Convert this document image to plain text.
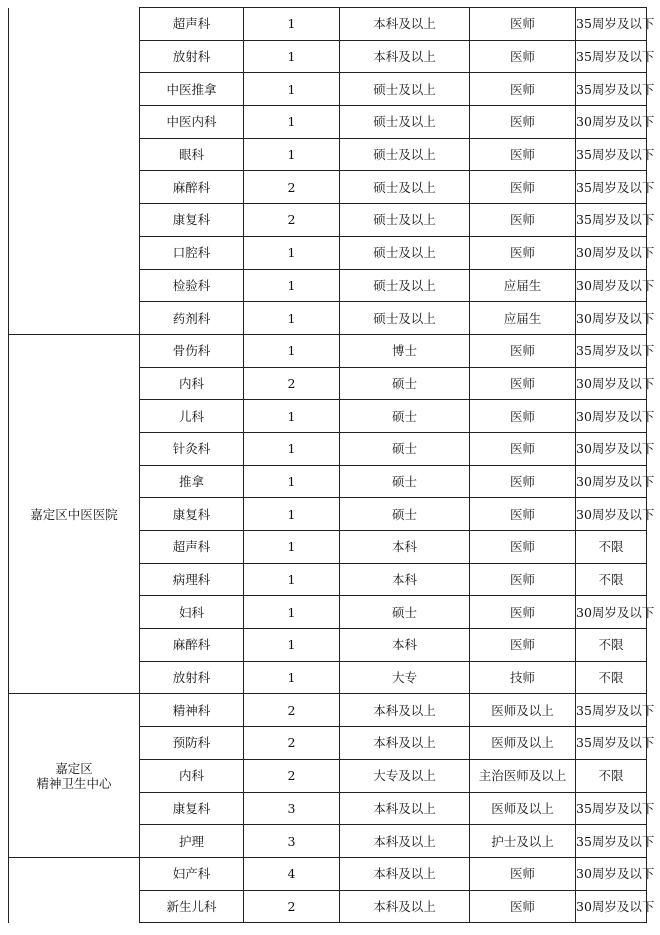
	超声科	1	本科及以上	医师	35周岁及以下
	放射科	1	本科及以上	医师	35周岁及以下
	中医推拿	1	硕士及以上	医师	35周岁及以下
	中医内科	1	硕士及以上	医师	30周岁及以下
	眼科	1	硕士及以上	医师	35周岁及以下
	麻醉科	2	硕士及以上	医师	35周岁及以下
	康复科	2	硕士及以上	医师	35周岁及以下
	口腔科	1	硕士及以上	医师	30周岁及以下
	检验科	1	硕士及以上	应届生	30周岁及以下
	药剂科	1	硕士及以上	应届生	30周岁及以下

嘉定区中医医院	骨伤科	1	博士	医师	35周岁及以下
	内科	2	硕士	医师	30周岁及以下
	儿科	1	硕士	医师	30周岁及以下
	针灸科	1	硕士	医师	30周岁及以下
	推拿	1	硕士	医师	30周岁及以下
	康复科	1	硕士	医师	30周岁及以下
	超声科	1	本科	医师	不限
	病理科	1	本科	医师	不限
	妇科	1	硕士	医师	30周岁及以下
	麻醉科	1	本科	医师	不限
	放射科	1	大专	技师	不限

嘉定区
精神卫生中心	精神科	2	本科及以上	医师及以上	35周岁及以下
	预防科	2	本科及以上	医师及以上	35周岁及以下
	内科	2	大专及以上	主治医师及以上	不限
	康复科	3	本科及以上	医师及以上	35周岁及以下
	护理	3	本科及以上	护士及以上	35周岁及以下
	妇产科	4	本科及以上	医师	30周岁及以下
	新生儿科	2	本科及以上	医师	30周岁及以下
